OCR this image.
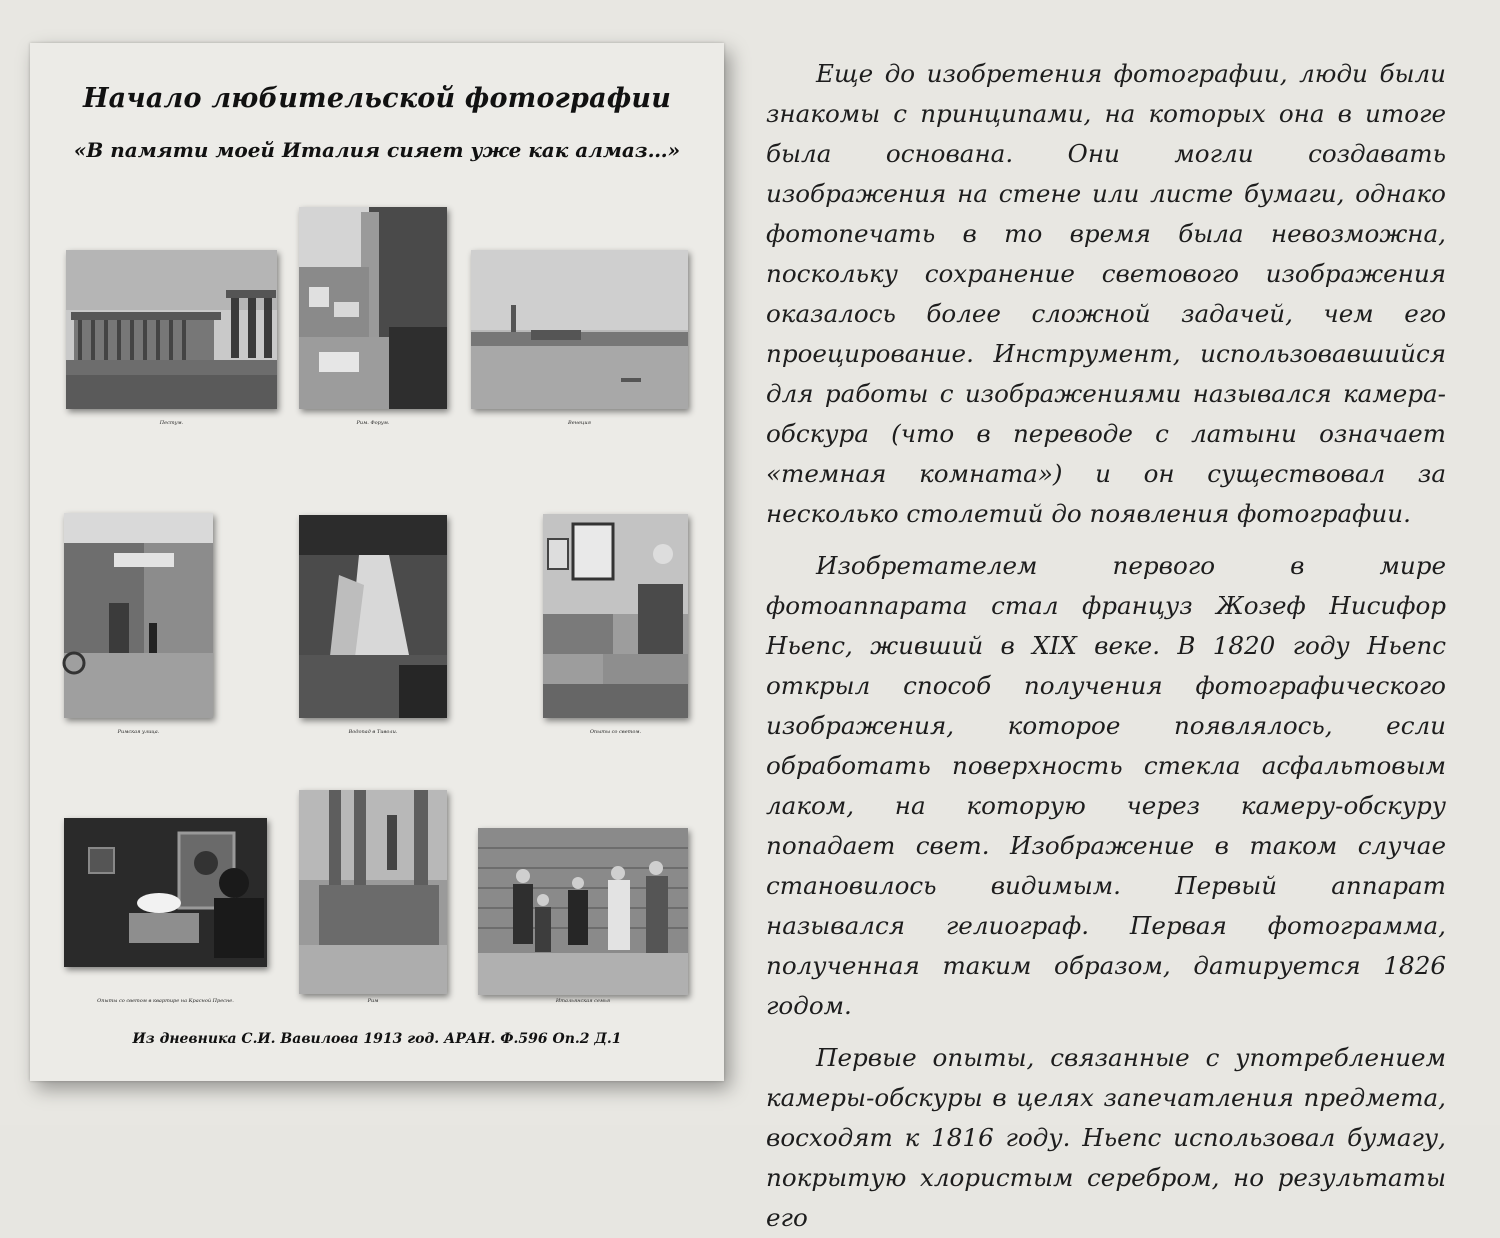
Начало любительской фотографии
«В памяти моей Италия сияет уже как алмаз…»
Пестум.	Рим. Форум.	Венеция
Римская улица.	Водопад в Тиволи.	Опыты со светом.
Опыты со светом в квартире на Красной Пресне.	Рим	Итальянская семья
Из дневника С.И. Вавилова 1913 год. АРАН. Ф.596 Оп.2 Д.1

Еще до изобретения фотографии, люди были знакомы с принципами, на которых она в итоге была основана. Они могли создавать изображения на стене или листе бумаги, однако фотопечать в то время была невозможна, поскольку сохранение светового изображения оказалось более сложной задачей, чем его проецирование. Инструмент, использовавшийся для работы с изображениями назывался камера-обскура (что в переводе с латыни означает «темная комната») и он существовал за несколько столетий до появления фотографии.

Изобретателем первого в мире фотоаппарата стал француз Жозеф Нисифор Ньепс, живший в XIX веке. В 1820 году Ньепс открыл способ получения фотографического изображения, которое появлялось, если обработать поверхность стекла асфальтовым лаком, на которую через камеру-обскуру попадает свет. Изображение в таком случае становилось видимым. Первый аппарат назывался гелиограф. Первая фотограмма, полученная таким образом, датируется 1826 годом.

Первые опыты, связанные с употреблением камеры-обскуры в целях запечатления предмета, восходят к 1816 году. Ньепс использовал бумагу, покрытую хлористым серебром, но результаты его
